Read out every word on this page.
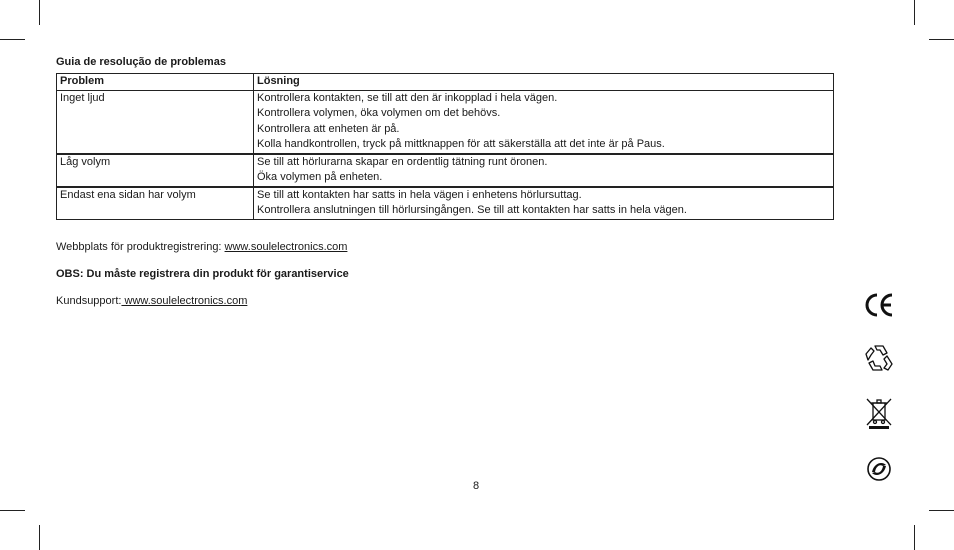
Guia de resolução de problemas
Problem	Lösning
Inget ljud	Kontrollera kontakten, se till att den är inkopplad i hela vägen.
Kontrollera volymen, öka volymen om det behövs.
Kontrollera att enheten är på.
Kolla handkontrollen, tryck på mittknappen för att säkerställa att det inte är på Paus.

Låg volym	Se till att hörlurarna skapar en ordentlig tätning runt öronen.
Öka volymen på enheten.

Endast ena sidan har volym	Se till att kontakten har satts in hela vägen i enhetens hörlursuttag.
Kontrollera anslutningen till hörlursingången. Se till att kontakten har satts in hela vägen.
Webbplats för produktregistrering: www.soulelectronics.com
OBS: Du måste registrera din produkt för garantiservice
Kundsupport: www.soulelectronics.com
8
